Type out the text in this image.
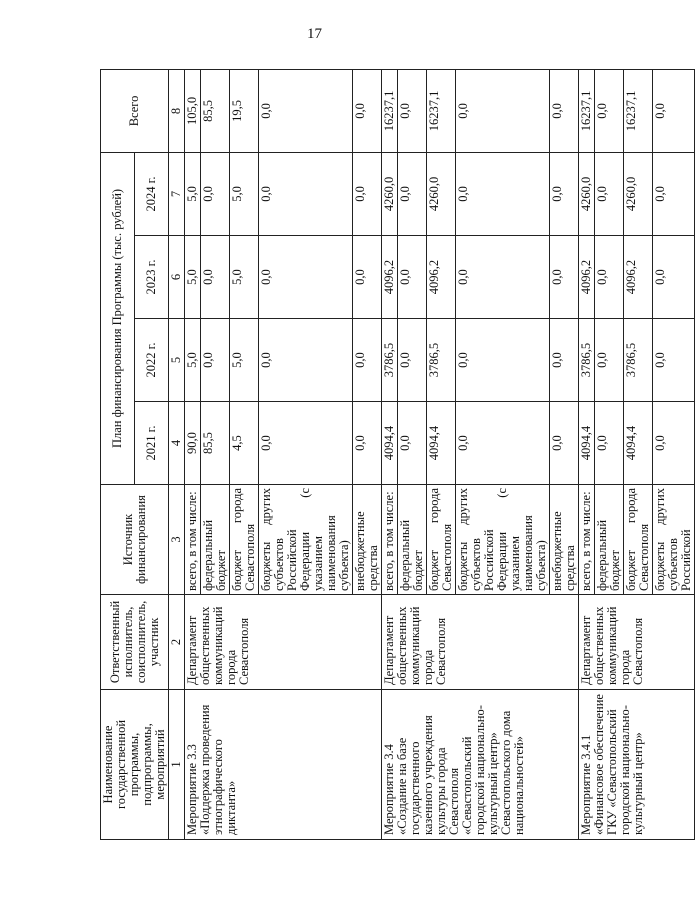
17
Наименование государственной программы, подпрограммы, мероприятий	Ответственный исполнитель, соисполнитель, участник	Источник финансирования	План финансирования Программы (тыс. рублей)				Всего
			2021 г.	2022 г.	2023 г.	2024 г.	
1	2	3	4	5	6	7	8
Мероприятие 3.3 «Поддержка проведения этнографического диктанта»	Департамент общественных коммуникаций города Севастополя	всего, в том числе:	90,0	5,0	5,0	5,0	105,0
		федеральный бюджет	85,5	0,0	0,0	0,0	85,5
		бюджет города Севастополя	4,5	5,0	5,0	5,0	19,5
		бюджеты других субъектов Российской Федерации (с указанием наименования субъекта)	0,0	0,0	0,0	0,0	0,0
		внебюджетные средства	0,0	0,0	0,0	0,0	0,0
Мероприятие 3.4 «Создание на базе государственного казенного учреждения культуры города Севастополя «Севастопольский городской национально-культурный центр» Севастопольского дома национальностей»	Департамент общественных коммуникаций города Севастополя	всего, в том числе:	4094,4	3786,5	4096,2	4260,0	16237,1
		федеральный бюджет	0,0	0,0	0,0	0,0	0,0
		бюджет города Севастополя	4094,4	3786,5	4096,2	4260,0	16237,1
		бюджеты других субъектов Российской Федерации (с указанием наименования субъекта)	0,0	0,0	0,0	0,0	0,0
		внебюджетные средства	0,0	0,0	0,0	0,0	0,0
Мероприятие 3.4.1 «Финансовое обеспечение ГКУ «Севастопольский городской национально-культурный центр»	Департамент общественных коммуникаций города Севастополя	всего, в том числе:	4094,4	3786,5	4096,2	4260,0	16237,1
		федеральный бюджет	0,0	0,0	0,0	0,0	0,0
		бюджет города Севастополя	4094,4	3786,5	4096,2	4260,0	16237,1
		бюджеты других субъектов Российской	0,0	0,0	0,0	0,0	0,0
